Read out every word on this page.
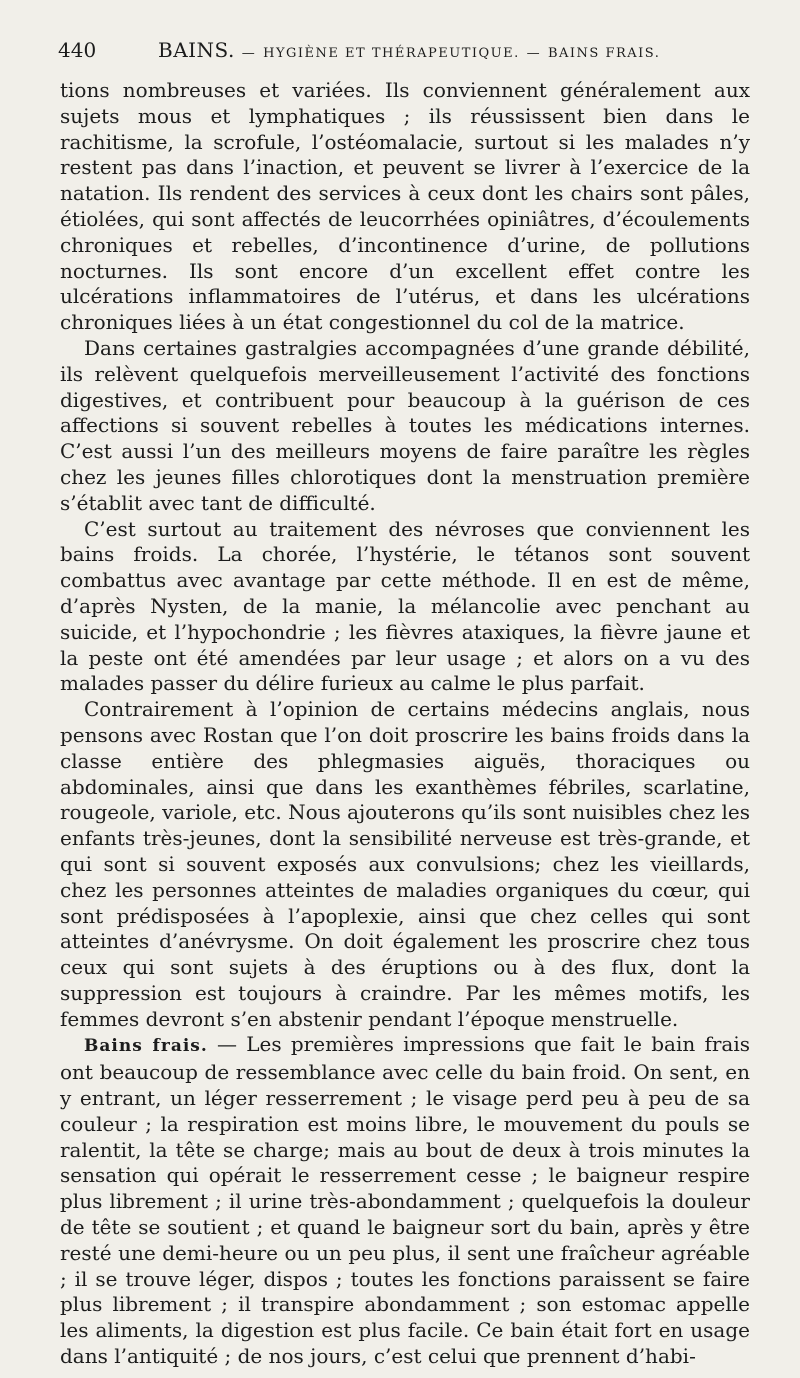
440	BAINS. — HYGIÈNE ET THÉRAPEUTIQUE. — BAINS FRAIS.

tions nombreuses et variées. Ils conviennent généralement aux sujets mous et lymphatiques ; ils réussissent bien dans le rachitisme, la scrofule, l’ostéomalacie, surtout si les malades n’y restent pas dans l’inaction, et peuvent se livrer à l’exercice de la natation. Ils rendent des services à ceux dont les chairs sont pâles, étiolées, qui sont affectés de leucorrhées opiniâtres, d’écoulements chroniques et rebelles, d’incontinence d’urine, de pollutions nocturnes. Ils sont encore d’un excellent effet contre les ulcérations inflammatoires de l’utérus, et dans les ulcérations chroniques liées à un état congestionnel du col de la matrice.

Dans certaines gastralgies accompagnées d’une grande débilité, ils relèvent quelquefois merveilleusement l’activité des fonctions digestives, et contribuent pour beaucoup à la guérison de ces affections si souvent rebelles à toutes les médications internes. C’est aussi l’un des meilleurs moyens de faire paraître les règles chez les jeunes filles chlorotiques dont la menstruation première s’établit avec tant de difficulté.

C’est surtout au traitement des névroses que conviennent les bains froids. La chorée, l’hystérie, le tétanos sont souvent combattus avec avantage par cette méthode. Il en est de même, d’après Nysten, de la manie, la mélancolie avec penchant au suicide, et l’hypochondrie ; les fièvres ataxiques, la fièvre jaune et la peste ont été amendées par leur usage ; et alors on a vu des malades passer du délire furieux au calme le plus parfait.

Contrairement à l’opinion de certains médecins anglais, nous pensons avec Rostan que l’on doit proscrire les bains froids dans la classe entière des phlegmasies aiguës, thoraciques ou abdominales, ainsi que dans les exanthèmes fébriles, scarlatine, rougeole, variole, etc. Nous ajouterons qu’ils sont nuisibles chez les enfants très-jeunes, dont la sensibilité nerveuse est très-grande, et qui sont si souvent exposés aux convulsions; chez les vieillards, chez les personnes atteintes de maladies organiques du cœur, qui sont prédisposées à l’apoplexie, ainsi que chez celles qui sont atteintes d’anévrysme. On doit également les proscrire chez tous ceux qui sont sujets à des éruptions ou à des flux, dont la suppression est toujours à craindre. Par les mêmes motifs, les femmes devront s’en abstenir pendant l’époque menstruelle.

Bains frais. — Les premières impressions que fait le bain frais ont beaucoup de ressemblance avec celle du bain froid. On sent, en y entrant, un léger resserrement ; le visage perd peu à peu de sa couleur ; la respiration est moins libre, le mouvement du pouls se ralentit, la tête se charge; mais au bout de deux à trois minutes la sensation qui opérait le resserrement cesse ; le baigneur respire plus librement ; il urine très-abondamment ; quelquefois la douleur de tête se soutient ; et quand le baigneur sort du bain, après y être resté une demi-heure ou un peu plus, il sent une fraîcheur agréable ; il se trouve léger, dispos ; toutes les fonctions paraissent se faire plus librement ; il transpire abondamment ; son estomac appelle les aliments, la digestion est plus facile. Ce bain était fort en usage dans l’antiquité ; de nos jours, c’est celui que prennent d’habi-
